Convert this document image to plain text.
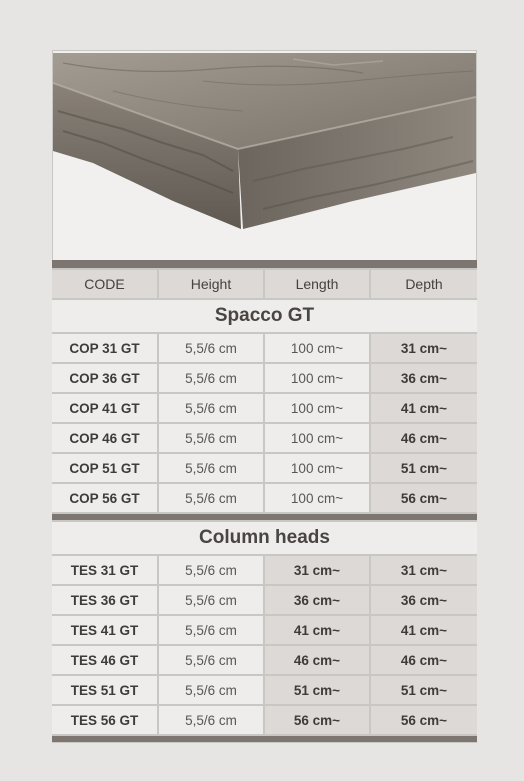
CODE	Height	Length	Depth
Spacco GT
COP 31 GT	5,5/6 cm	100 cm~	31 cm~
COP 36 GT	5,5/6 cm	100 cm~	36 cm~
COP 41 GT	5,5/6 cm	100 cm~	41 cm~
COP 46 GT	5,5/6 cm	100 cm~	46 cm~
COP 51 GT	5,5/6 cm	100 cm~	51 cm~
COP 56 GT	5,5/6 cm	100 cm~	56 cm~
Column heads
TES 31 GT	5,5/6 cm	31 cm~	31 cm~
TES 36 GT	5,5/6 cm	36 cm~	36 cm~
TES 41 GT	5,5/6 cm	41 cm~	41 cm~
TES 46 GT	5,5/6 cm	46 cm~	46 cm~
TES 51 GT	5,5/6 cm	51 cm~	51 cm~
TES 56 GT	5,5/6 cm	56 cm~	56 cm~
